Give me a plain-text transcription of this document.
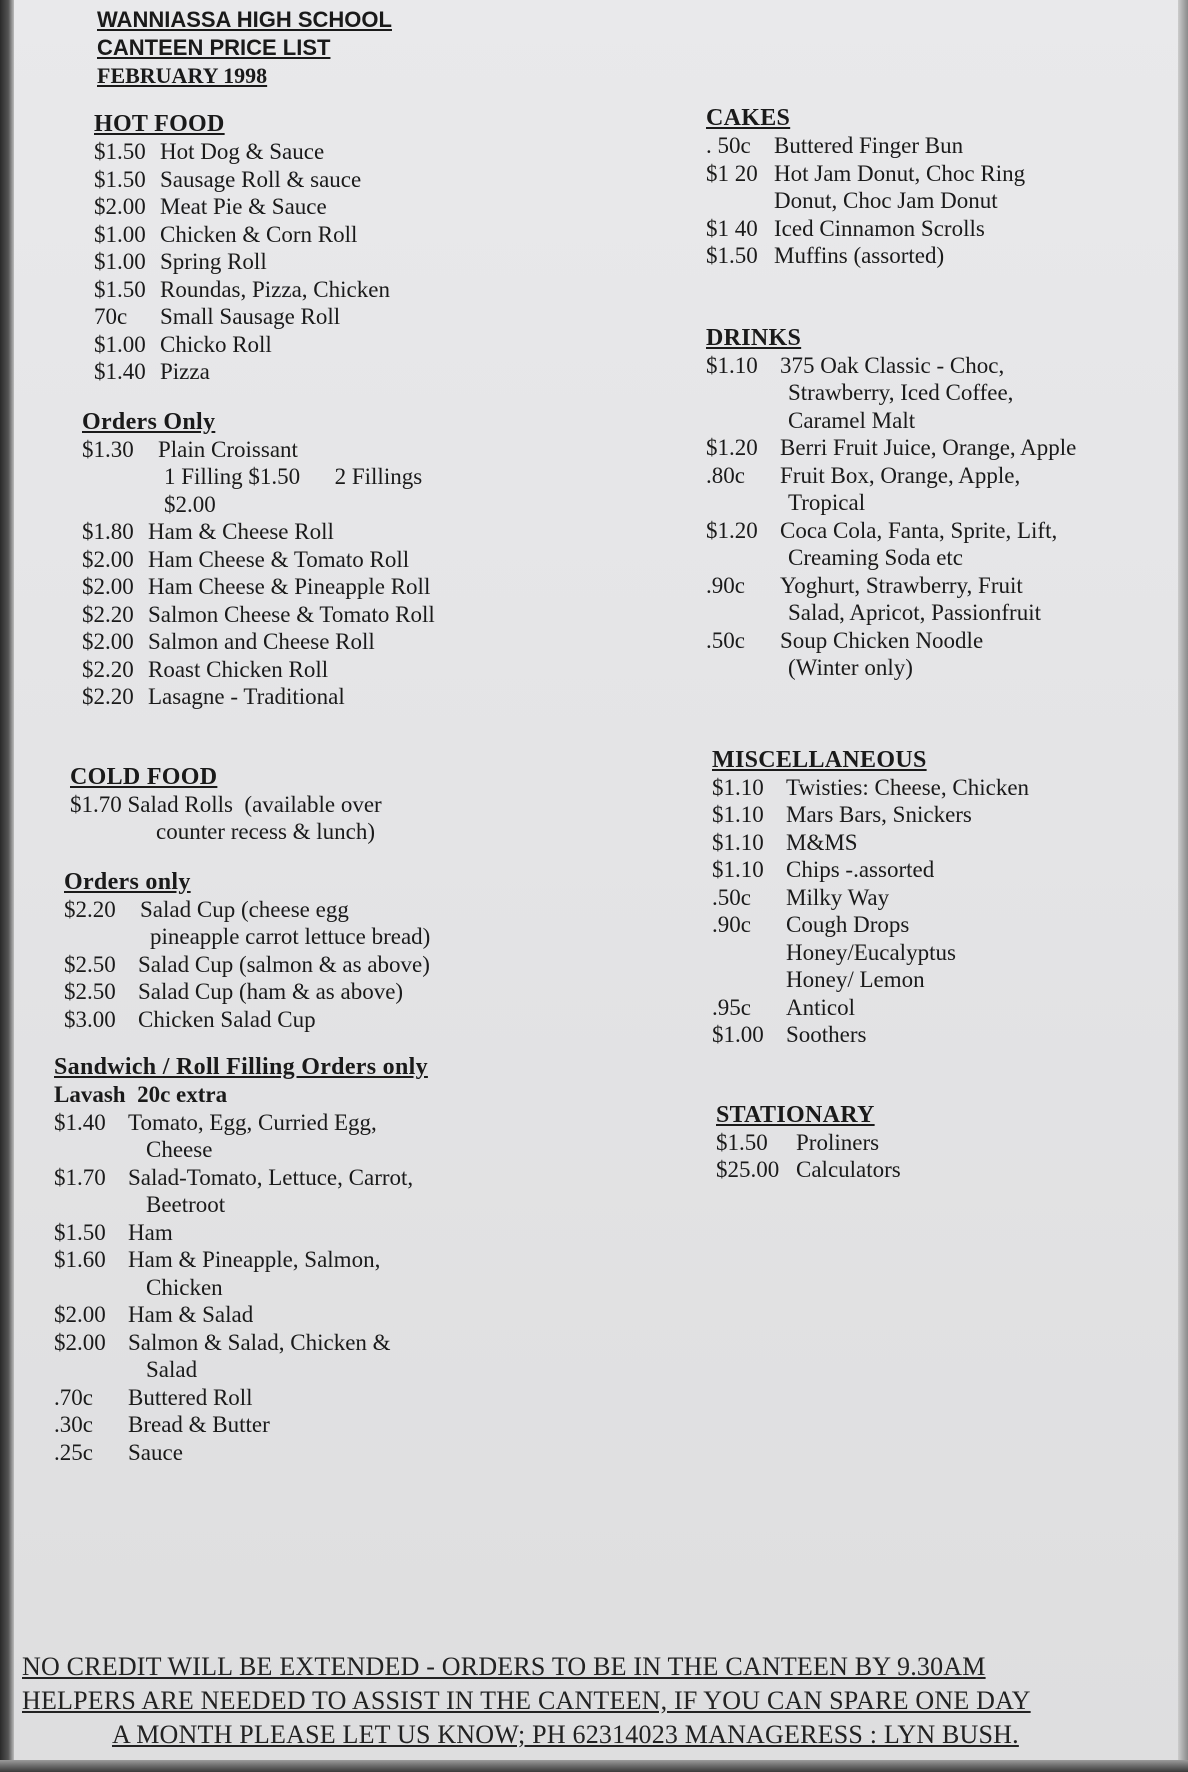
WANNIASSA HIGH SCHOOL
CANTEEN PRICE LIST
FEBRUARY 1998
HOT FOOD
$1.50 Hot Dog & Sauce
$1.50 Sausage Roll & sauce
$2.00 Meat Pie & Sauce
$1.00 Chicken & Corn Roll
$1.00 Spring Roll
$1.50 Roundas, Pizza, Chicken
70c	Small Sausage Roll
$1.00 Chicko Roll
$1.40 Pizza
Orders Only
$1.30	Plain Croissant
1 Filling $1.50      2 Fillings
$2.00
$1.80 Ham & Cheese Roll
$2.00 Ham Cheese & Tomato Roll
$2.00 Ham Cheese & Pineapple Roll
$2.20 Salmon Cheese & Tomato Roll
$2.00 Salmon and Cheese Roll
$2.20 Roast Chicken Roll
$2.20 Lasagne - Traditional
COLD FOOD
$1.70 Salad Rolls  (available over
counter recess & lunch)
Orders only
$2.20	Salad Cup (cheese egg
pineapple carrot lettuce bread)
$2.50 Salad Cup (salmon & as above)
$2.50 Salad Cup (ham & as above)
$3.00 Chicken Salad Cup
Sandwich / Roll Filling Orders only
Lavash  20c extra
$1.40 Tomato, Egg, Curried Egg,
Cheese
$1.70 Salad-Tomato, Lettuce, Carrot,
Beetroot
$1.50 Ham
$1.60 Ham & Pineapple, Salmon,
Chicken
$2.00 Ham & Salad
$2.00 Salmon & Salad, Chicken &
Salad
.70c	Buttered Roll
.30c	Bread & Butter
.25c	Sauce
CAKES
. 50c	Buttered Finger Bun
$1 20 Hot Jam Donut, Choc Ring
Donut, Choc Jam Donut
$1 40 Iced Cinnamon Scrolls
$1.50 Muffins (assorted)
DRINKS
$1.10 375 Oak Classic - Choc,
Strawberry, Iced Coffee,
Caramel Malt
$1.20 Berri Fruit Juice, Orange, Apple
.80c	Fruit Box, Orange, Apple,
Tropical
$1.20 Coca Cola, Fanta, Sprite, Lift,
Creaming Soda etc
.90c	Yoghurt, Strawberry, Fruit
Salad, Apricot, Passionfruit
.50c	Soup Chicken Noodle
(Winter only)
MISCELLANEOUS
$1.10 Twisties: Cheese, Chicken
$1.10 Mars Bars, Snickers
$1.10 M&MS
$1.10 Chips -.assorted
.50c	Milky Way
.90c	Cough Drops
Honey/Eucalyptus
Honey/ Lemon
.95c	Anticol
$1.00 Soothers
STATIONARY
$1.50	Proliners
$25.00 Calculators
NO CREDIT WILL BE EXTENDED - ORDERS TO BE IN THE CANTEEN BY 9.30AM
HELPERS ARE NEEDED TO ASSIST IN THE CANTEEN, IF YOU CAN SPARE ONE DAY
A MONTH PLEASE LET US KNOW; PH 62314023 MANAGERESS : LYN BUSH.
